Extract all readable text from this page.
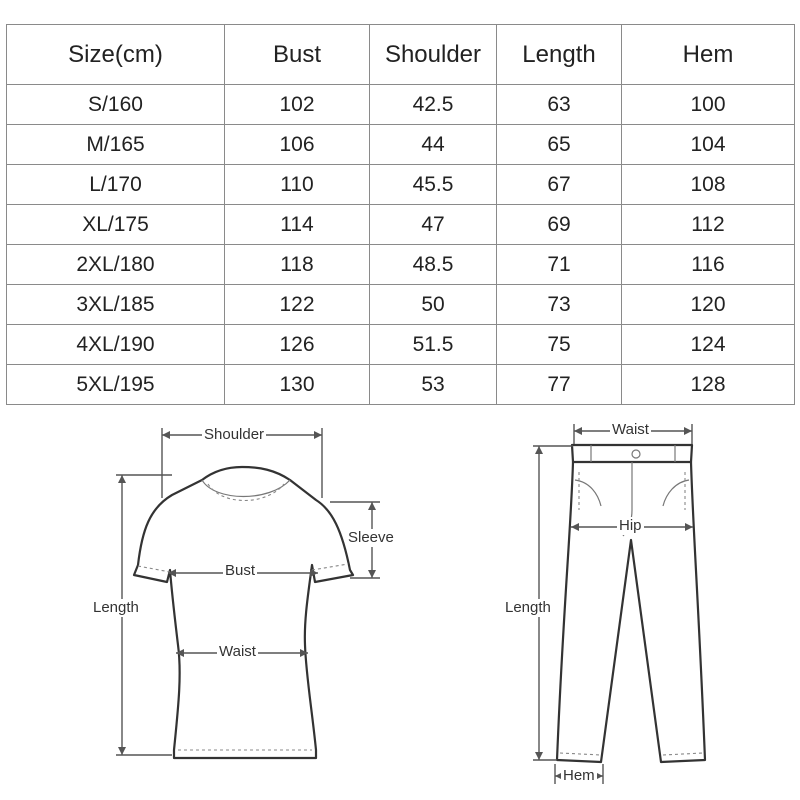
Size(cm)	Bust	Shoulder	Length	Hem
S/160	102	42.5	63	100
M/165	106	44	65	104
L/170	110	45.5	67	108
XL/175	114	47	69	112
2XL/180	118	48.5	71	116
3XL/185	122	50	73	120
4XL/190	126	51.5	75	124
5XL/195	130	53	77	128
Shoulder
Sleeve
Bust
Waist
Length
Waist
Hip
Length
Hem
